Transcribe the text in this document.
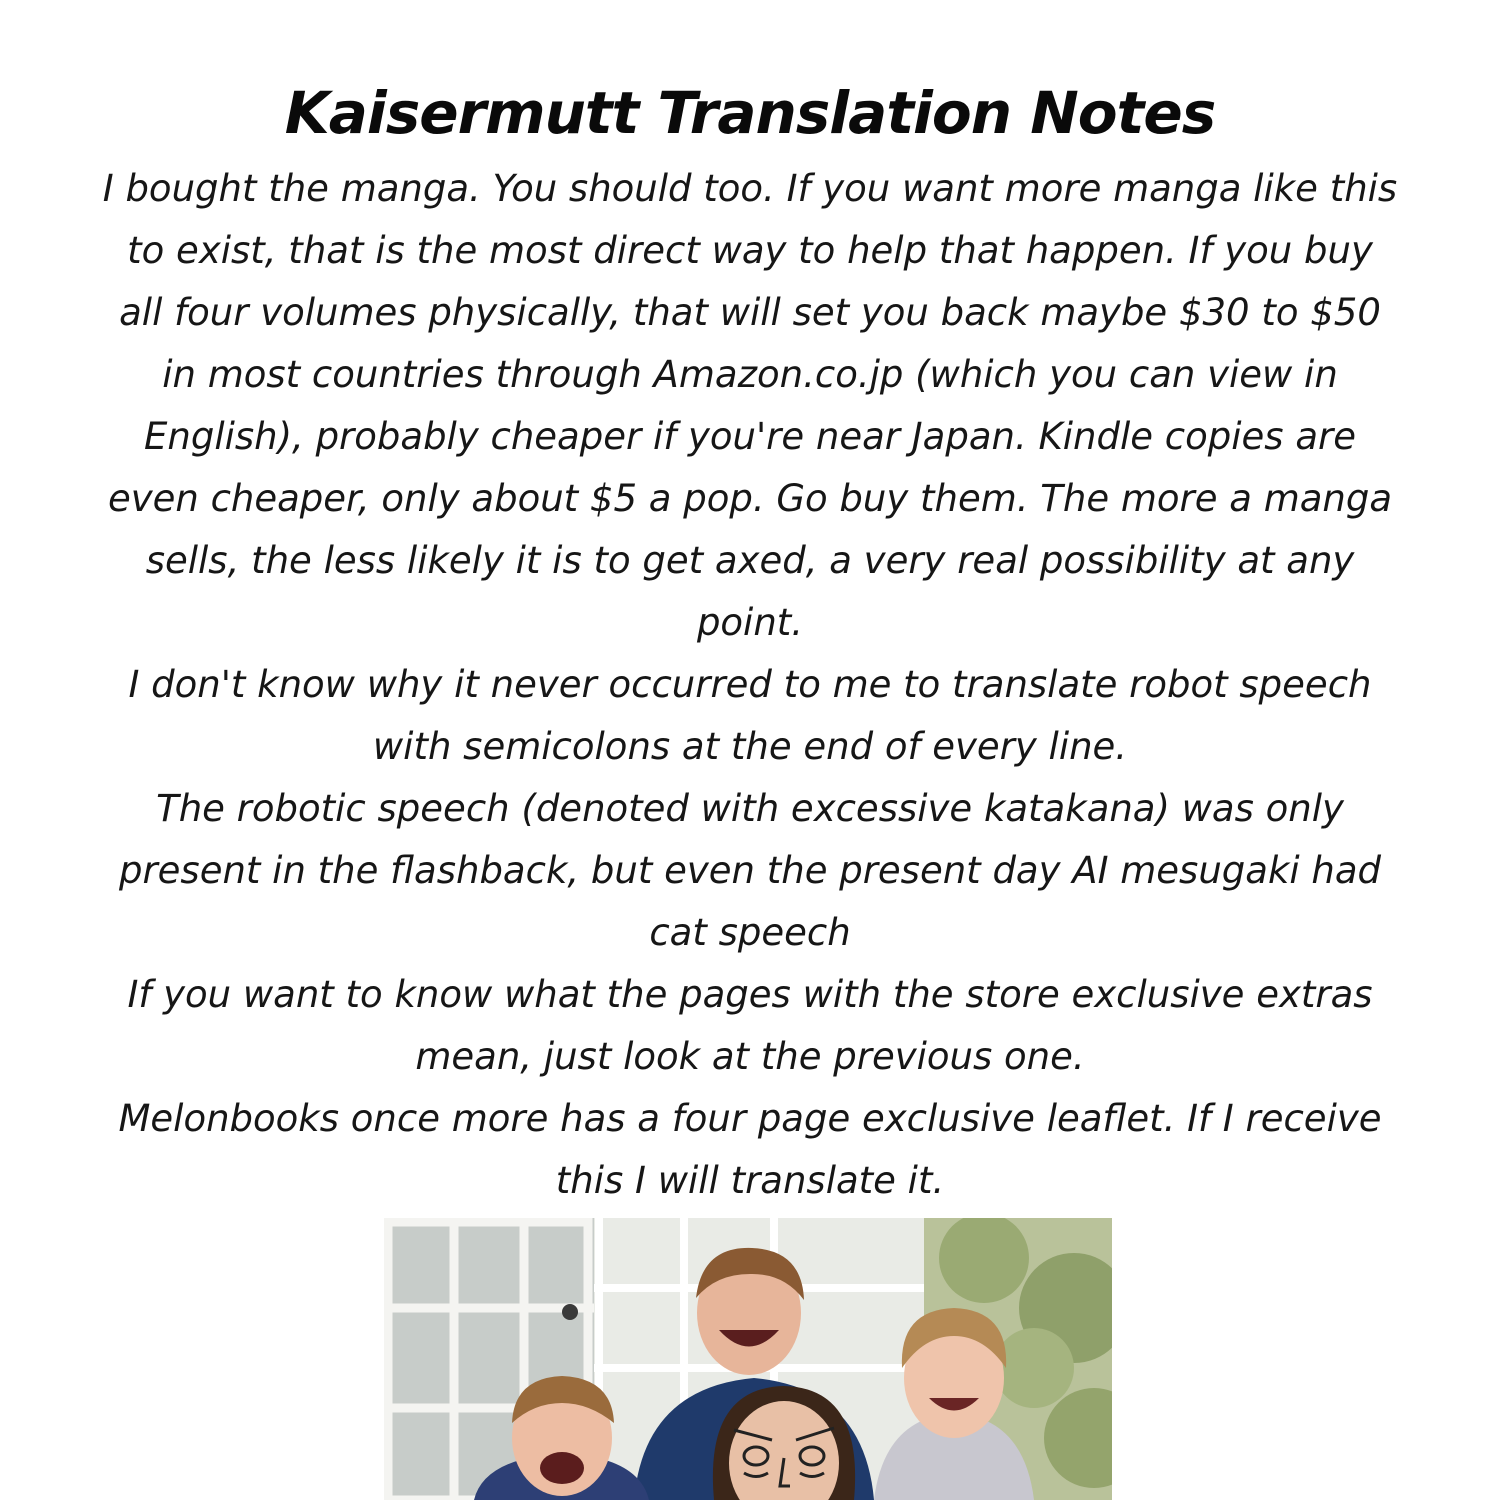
Kaisermutt Translation Notes

I bought the manga. You should too. If you want more manga like this to exist, that is the most direct way to help that happen. If you buy all four volumes physically, that will set you back maybe $30 to $50 in most countries through Amazon.co.jp (which you can view in English), probably cheaper if you're near Japan. Kindle copies are even cheaper, only about $5 a pop. Go buy them. The more a manga sells, the less likely it is to get axed, a very real possibility at any point.

I don't know why it never occurred to me to translate robot speech with semicolons at the end of every line.

The robotic speech (denoted with excessive katakana) was only present in the flashback, but even the present day AI mesugaki had cat speech

If you want to know what the pages with the store exclusive extras mean, just look at the previous one.

Melonbooks once more has a four page exclusive leaflet. If I receive this I will translate it.
